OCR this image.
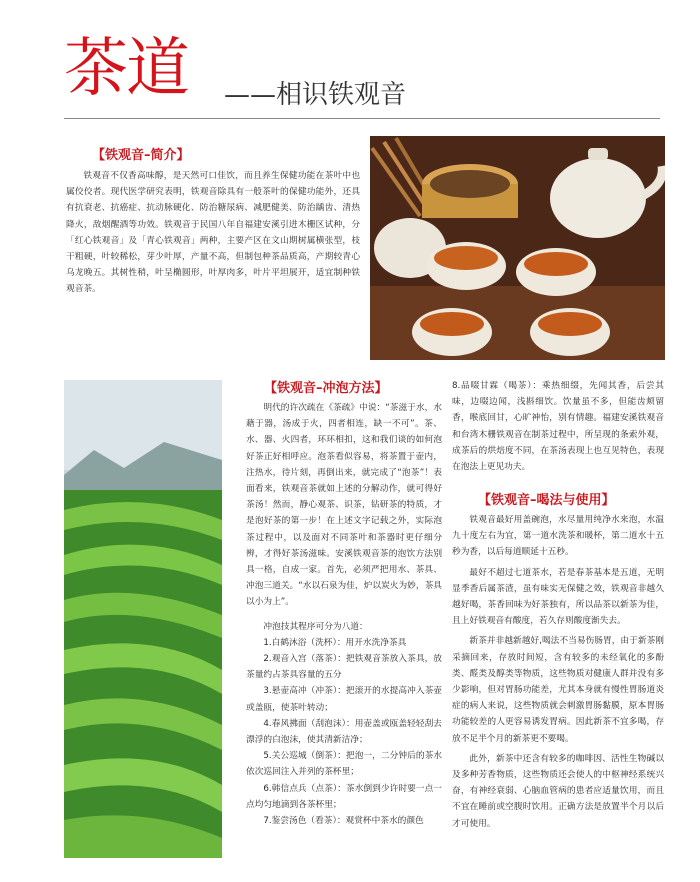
茶道 ——相识铁观音
【铁观音–简介】

铁观音不仅香高味醇，是天然可口佳饮，而且养生保健功能在茶叶中也属佼佼者。现代医学研究表明，铁观音除具有一般茶叶的保健功能外，还具有抗衰老、抗癌症、抗动脉硬化、防治糖尿病、减肥健美、防治龋齿、清热降火，敌烟醒酒等功效。铁观音于民国八年自福建安溪引进木栅区试种，分「红心铁观音」及「青心铁观音」两种，主要产区在文山期树属横张型，枝干粗硬，叶较稀松，芽少叶厚，产量不高，但制包种茶品质高，产期较青心乌龙晚五。其树性稍，叶呈椭圆形，叶厚肉多，叶片平坦展开，适宜制种铁观音茶。

【铁观音–冲泡方法】

明代的许次疏在《茶疏》中说：“茶滋于水，水藉于器，汤成于火，四者相连，缺一不可”。茶、水、器、火四者，环环相扣，这和我们谈的如何泡好茶正好相呼应。泡茶看似容易，将茶置于壶内，注热水，待片刻，再倒出来，就完成了“泡茶”！表面看来，铁观音茶就如上述的分解动作，就可得好茶汤！然而，静心观茶、识茶，钻研茶的特质，才是泡好茶的第一步！在上述文字记载之外，实际泡茶过程中，以及面对不同茶叶和茶器时更仔细分辨，才得好茶汤滋味。安溪铁观音茶的泡饮方法别具一格，自成一家。首先，必须严把用水、茶具、冲泡三道关。“水以石泉为佳，炉以炭火为妙，茶具以小为上”。

冲泡技其程序可分为八道：

1.白鹤沐浴（洗杯）：用开水洗净茶具

2.观音入宫（落茶）：把铁观音茶放入茶具，放茶量约占茶具容量的五分

3.悬壶高冲（冲茶）：把滚开的水提高冲入茶壶或盖瓯，使茶叶转动；

4.春风拂面（刮泡沫）：用壶盖或瓯盖轻轻刮去漂浮的白泡沫，使其清新洁净；

5.关公巡城（倒茶）：把泡一，二分钟后的茶水依次巡回注入并列的茶杯里；

6.韩信点兵（点茶）：茶水倒到少许时要一点一点均匀地滴到各茶杯里；

7.鉴尝汤色（看茶）：观赏杯中茶水的颜色

8.品啜甘霖（喝茶）：乘热细缀，先闻其香，后尝其味，边啜边闻，浅斟细饮。饮量虽不多，但能齿颊留香，喉底回甘，心旷神怡，别有情趣。福建安溪铁观音和台湾木栅铁观音在制茶过程中，所呈现的条索外观，成茶后的烘焙度不同，在茶汤表现上也互见特色，表现在泡法上更见功夫。

【铁观音–喝法与使用】

铁观音最好用盖碗泡，水尽量用纯净水来泡，水温九十度左右为宜，第一道水洗茶和暖杯，第二道水十五秒为香，以后每道顺延十五秒。

最好不超过七道茶水，若是春茶基本是五道，无明显季香后属茶渣，虽有味实无保健之效，铁观音非越久越好喝，茶香回味为好茶独有，所以品茶以新茶为佳，且上好铁观音有酸度，若久存则酸度渐失去。

新茶并非越新越好,喝法不当易伤肠胃，由于新茶刚采摘回来，存放时间短，含有较多的未经氧化的多酚类、醛类及醇类等物质，这些物质对健康人群并没有多少影响，但对胃肠功能差，尤其本身就有慢性胃肠道炎症的病人来说，这些物质就会刺激胃肠黏膜，原本胃肠功能较差的人更容易诱发胃病。因此新茶不宜多喝，存放不足半个月的新茶更不要喝。

此外，新茶中还含有较多的咖啡因、活性生物碱以及多种芳香物质，这些物质还会使人的中枢神经系统兴奋，有神经衰弱、心脑血管病的患者应适量饮用，而且不宜在睡前或空腹时饮用。正确方法是放置半个月以后才可使用。
